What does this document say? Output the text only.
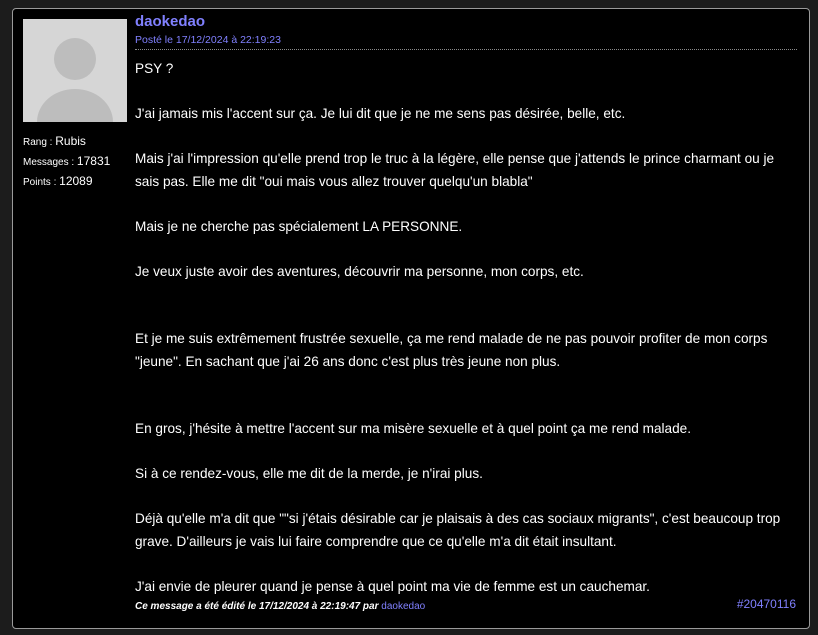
Rang : Rubis
Messages : 17831
Points : 12089
daokedao
Posté le 17/12/2024 à 22:19:23

PSY ?

J'ai jamais mis l'accent sur ça. Je lui dit que je ne me sens pas désirée, belle, etc.

Mais j'ai l'impression qu'elle prend trop le truc à la légère, elle pense que j'attends le prince charmant ou je sais pas. Elle me dit "oui mais vous allez trouver quelqu'un blabla"

Mais je ne cherche pas spécialement LA PERSONNE.

Je veux juste avoir des aventures, découvrir ma personne, mon corps, etc.

Et je me suis extrêmement frustrée sexuelle, ça me rend malade de ne pas pouvoir profiter de mon corps "jeune". En sachant que j'ai 26 ans donc c'est plus très jeune non plus.

En gros, j'hésite à mettre l'accent sur ma misère sexuelle et à quel point ça me rend malade.

Si à ce rendez-vous, elle me dit de la merde, je n'irai plus.

Déjà qu'elle m'a dit que ""si j'étais désirable car je plaisais à des cas sociaux migrants", c'est beaucoup trop grave. D'ailleurs je vais lui faire comprendre que ce qu'elle m'a dit était insultant.

J'ai envie de pleurer quand je pense à quel point ma vie de femme est un cauchemar.

Ce message a été édité le 17/12/2024 à 22:19:47 par daokedao	#20470116
